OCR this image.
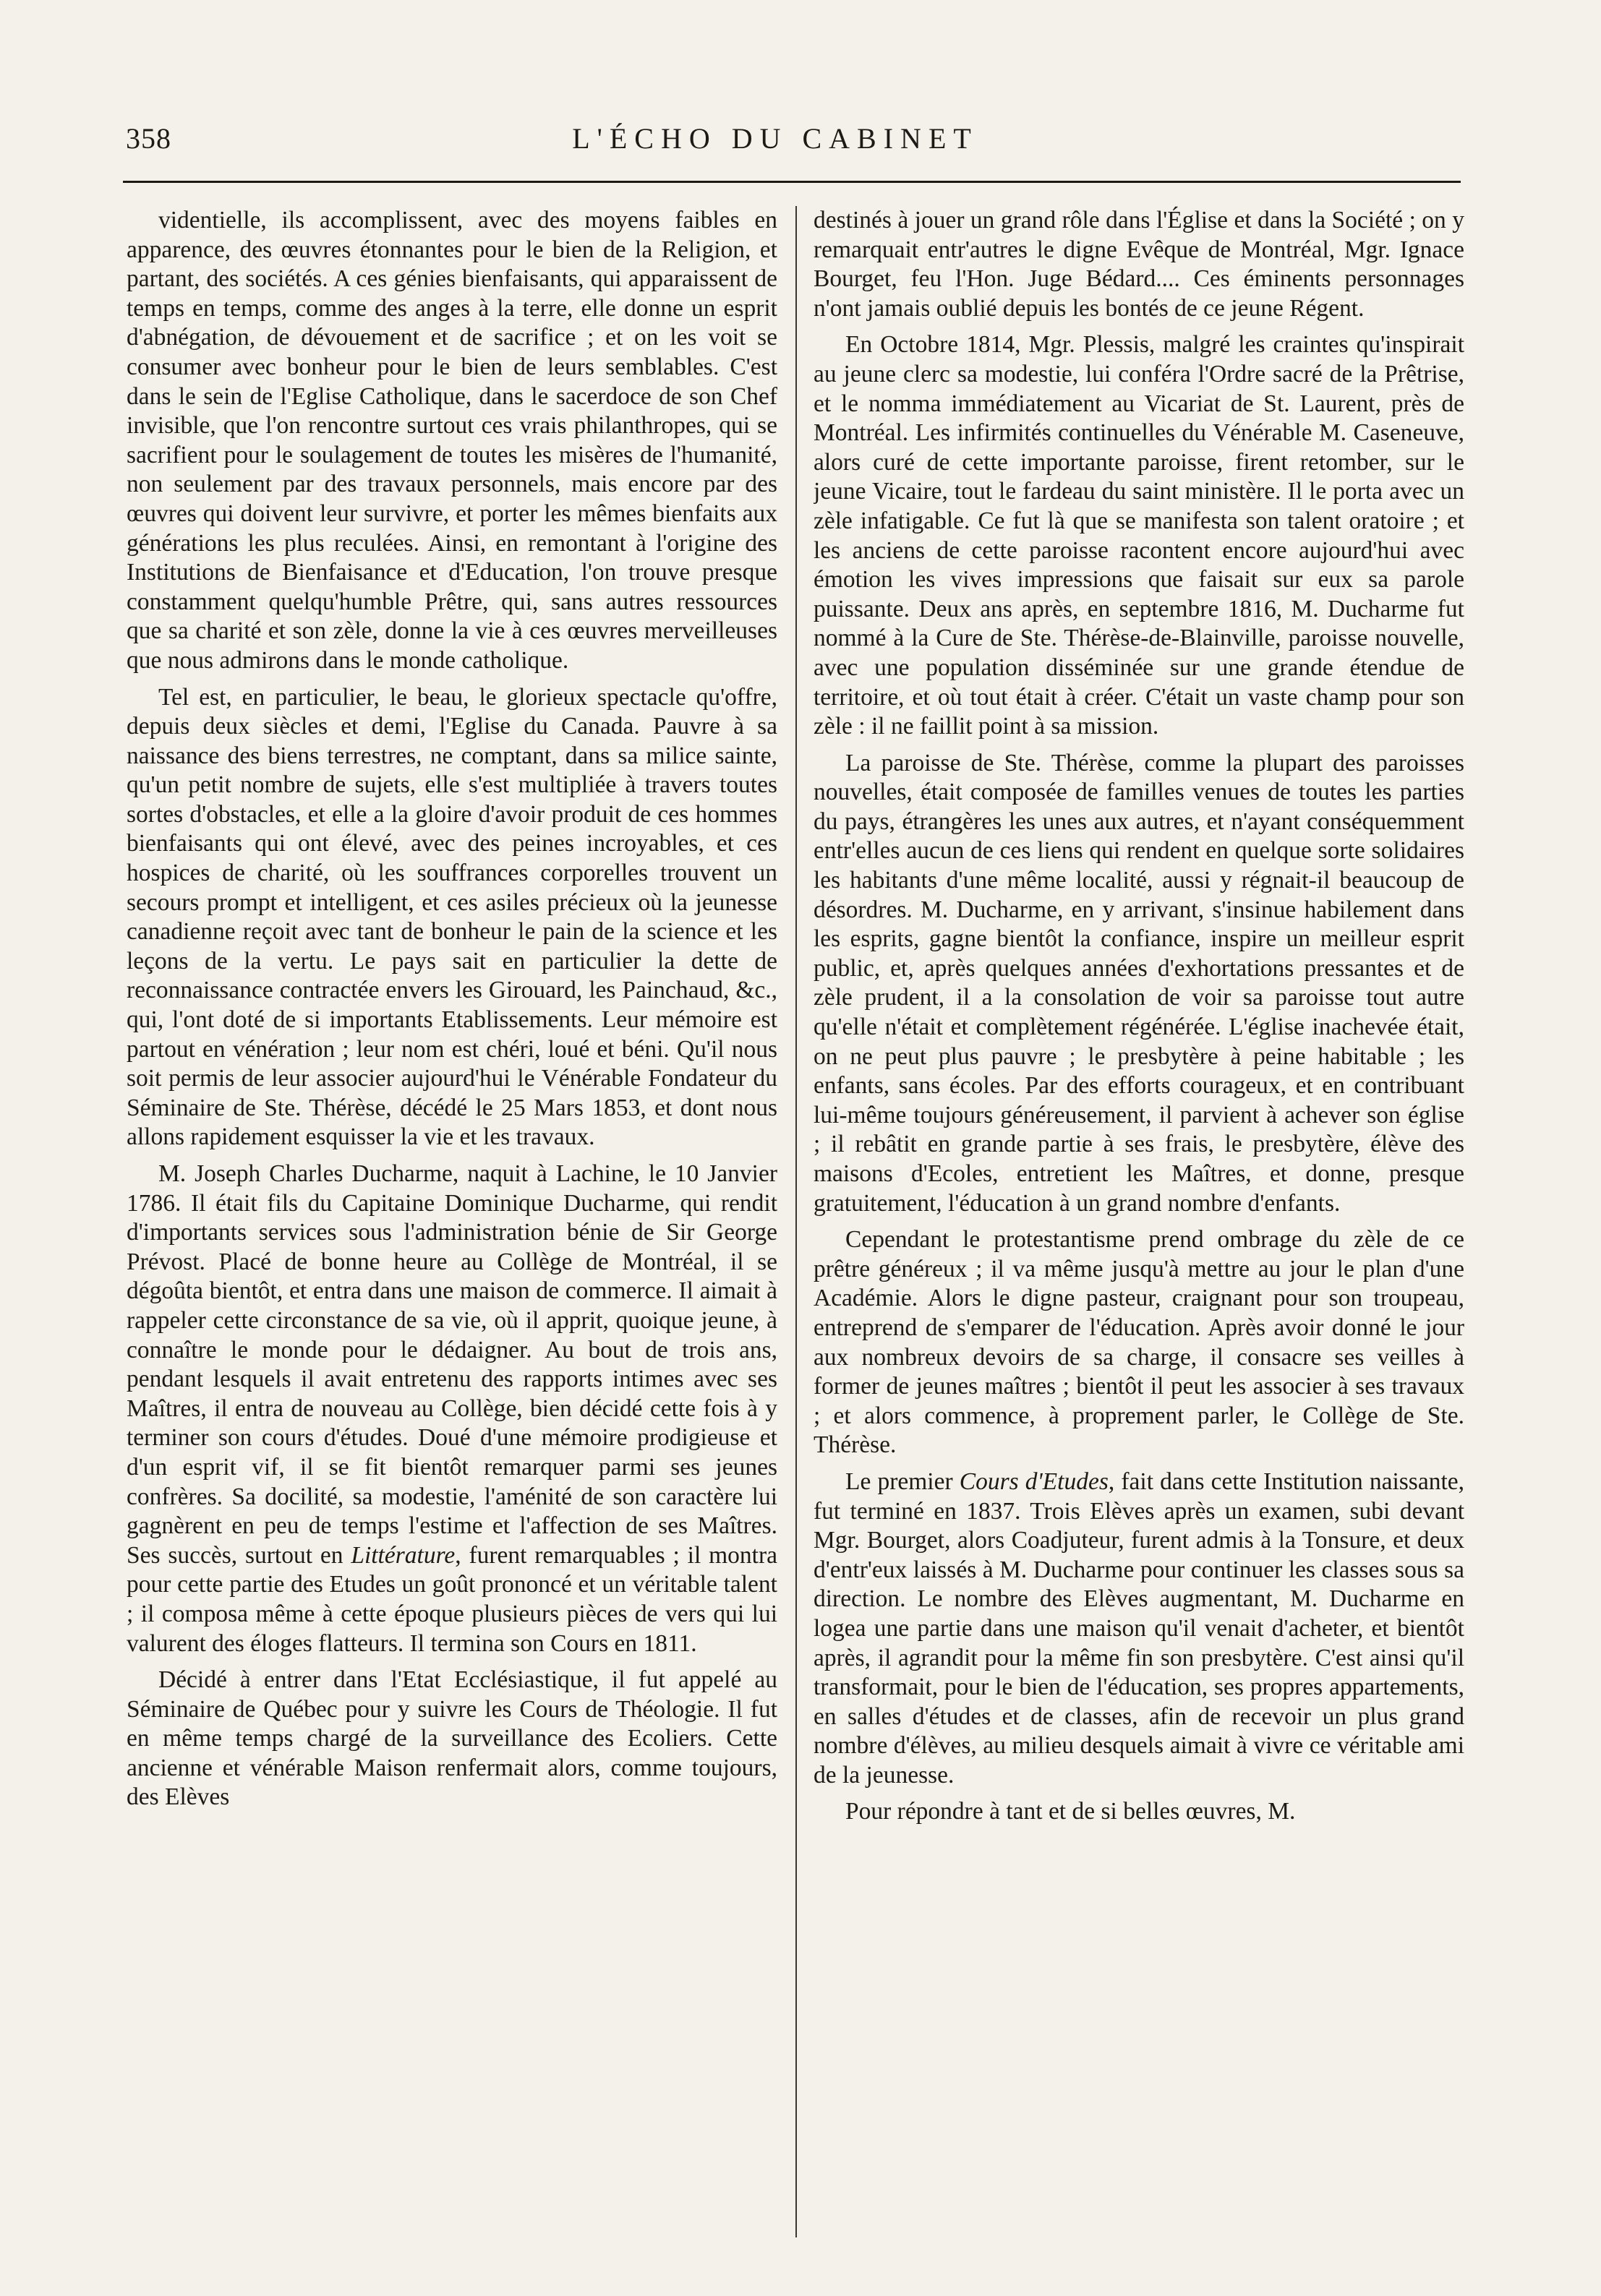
358	L'ÉCHO DU CABINET

videntielle, ils accomplissent, avec des moyens faibles en apparence, des œuvres étonnantes pour le bien de la Religion, et partant, des sociétés. A ces génies bienfaisants, qui apparaissent de temps en temps, comme des anges à la terre, elle donne un esprit d'abnégation, de dévouement et de sacrifice ; et on les voit se consumer avec bonheur pour le bien de leurs semblables. C'est dans le sein de l'Eglise Catholique, dans le sacerdoce de son Chef invisible, que l'on rencontre surtout ces vrais philanthropes, qui se sacrifient pour le soulagement de toutes les misères de l'humanité, non seulement par des travaux personnels, mais encore par des œuvres qui doivent leur survivre, et porter les mêmes bienfaits aux générations les plus reculées. Ainsi, en remontant à l'origine des Institutions de Bienfaisance et d'Education, l'on trouve presque constamment quelqu'humble Prêtre, qui, sans autres ressources que sa charité et son zèle, donne la vie à ces œuvres merveilleuses que nous admirons dans le monde catholique.

Tel est, en particulier, le beau, le glorieux spectacle qu'offre, depuis deux siècles et demi, l'Eglise du Canada. Pauvre à sa naissance des biens terrestres, ne comptant, dans sa milice sainte, qu'un petit nombre de sujets, elle s'est multipliée à travers toutes sortes d'obstacles, et elle a la gloire d'avoir produit de ces hommes bienfaisants qui ont élevé, avec des peines incroyables, et ces hospices de charité, où les souffrances corporelles trouvent un secours prompt et intelligent, et ces asiles précieux où la jeunesse canadienne reçoit avec tant de bonheur le pain de la science et les leçons de la vertu. Le pays sait en particulier la dette de reconnaissance contractée envers les Girouard, les Painchaud, &c., qui, l'ont doté de si importants Etablissements. Leur mémoire est partout en vénération ; leur nom est chéri, loué et béni. Qu'il nous soit permis de leur associer aujourd'hui le Vénérable Fondateur du Séminaire de Ste. Thérèse, décédé le 25 Mars 1853, et dont nous allons rapidement esquisser la vie et les travaux.

M. Joseph Charles Ducharme, naquit à Lachine, le 10 Janvier 1786. Il était fils du Capitaine Dominique Ducharme, qui rendit d'importants services sous l'administration bénie de Sir George Prévost. Placé de bonne heure au Collège de Montréal, il se dégoûta bientôt, et entra dans une maison de commerce. Il aimait à rappeler cette circonstance de sa vie, où il apprit, quoique jeune, à connaître le monde pour le dédaigner. Au bout de trois ans, pendant lesquels il avait entretenu des rapports intimes avec ses Maîtres, il entra de nouveau au Collège, bien décidé cette fois à y terminer son cours d'études. Doué d'une mémoire prodigieuse et d'un esprit vif, il se fit bientôt remarquer parmi ses jeunes confrères. Sa docilité, sa modestie, l'aménité de son caractère lui gagnèrent en peu de temps l'estime et l'affection de ses Maîtres. Ses succès, surtout en Littérature, furent remarquables ; il montra pour cette partie des Etudes un goût prononcé et un véritable talent ; il composa même à cette époque plusieurs pièces de vers qui lui valurent des éloges flatteurs. Il termina son Cours en 1811.

Décidé à entrer dans l'Etat Ecclésiastique, il fut appelé au Séminaire de Québec pour y suivre les Cours de Théologie. Il fut en même temps chargé de la surveillance des Ecoliers. Cette ancienne et vénérable Maison renfermait alors, comme toujours, des Elèves

destinés à jouer un grand rôle dans l'Église et dans la Société ; on y remarquait entr'autres le digne Evêque de Montréal, Mgr. Ignace Bourget, feu l'Hon. Juge Bédard.... Ces éminents personnages n'ont jamais oublié depuis les bontés de ce jeune Régent.

En Octobre 1814, Mgr. Plessis, malgré les craintes qu'inspirait au jeune clerc sa modestie, lui conféra l'Ordre sacré de la Prêtrise, et le nomma immédiatement au Vicariat de St. Laurent, près de Montréal. Les infirmités continuelles du Vénérable M. Caseneuve, alors curé de cette importante paroisse, firent retomber, sur le jeune Vicaire, tout le fardeau du saint ministère. Il le porta avec un zèle infatigable. Ce fut là que se manifesta son talent oratoire ; et les anciens de cette paroisse racontent encore aujourd'hui avec émotion les vives impressions que faisait sur eux sa parole puissante. Deux ans après, en septembre 1816, M. Ducharme fut nommé à la Cure de Ste. Thérèse-de-Blainville, paroisse nouvelle, avec une population disséminée sur une grande étendue de territoire, et où tout était à créer. C'était un vaste champ pour son zèle : il ne faillit point à sa mission.

La paroisse de Ste. Thérèse, comme la plupart des paroisses nouvelles, était composée de familles venues de toutes les parties du pays, étrangères les unes aux autres, et n'ayant conséquemment entr'elles aucun de ces liens qui rendent en quelque sorte solidaires les habitants d'une même localité, aussi y régnait-il beaucoup de désordres. M. Ducharme, en y arrivant, s'insinue habilement dans les esprits, gagne bientôt la confiance, inspire un meilleur esprit public, et, après quelques années d'exhortations pressantes et de zèle prudent, il a la consolation de voir sa paroisse tout autre qu'elle n'était et complètement régénérée. L'église inachevée était, on ne peut plus pauvre ; le presbytère à peine habitable ; les enfants, sans écoles. Par des efforts courageux, et en contribuant lui-même toujours généreusement, il parvient à achever son église ; il rebâtit en grande partie à ses frais, le presbytère, élève des maisons d'Ecoles, entretient les Maîtres, et donne, presque gratuitement, l'éducation à un grand nombre d'enfants.

Cependant le protestantisme prend ombrage du zèle de ce prêtre généreux ; il va même jusqu'à mettre au jour le plan d'une Académie. Alors le digne pasteur, craignant pour son troupeau, entreprend de s'emparer de l'éducation. Après avoir donné le jour aux nombreux devoirs de sa charge, il consacre ses veilles à former de jeunes maîtres ; bientôt il peut les associer à ses travaux ; et alors commence, à proprement parler, le Collège de Ste. Thérèse.

Le premier Cours d'Etudes, fait dans cette Institution naissante, fut terminé en 1837. Trois Elèves après un examen, subi devant Mgr. Bourget, alors Coadjuteur, furent admis à la Tonsure, et deux d'entr'eux laissés à M. Ducharme pour continuer les classes sous sa direction. Le nombre des Elèves augmentant, M. Ducharme en logea une partie dans une maison qu'il venait d'acheter, et bientôt après, il agrandit pour la même fin son presbytère. C'est ainsi qu'il transformait, pour le bien de l'éducation, ses propres appartements, en salles d'études et de classes, afin de recevoir un plus grand nombre d'élèves, au milieu desquels aimait à vivre ce véritable ami de la jeunesse.

Pour répondre à tant et de si belles œuvres, M.
